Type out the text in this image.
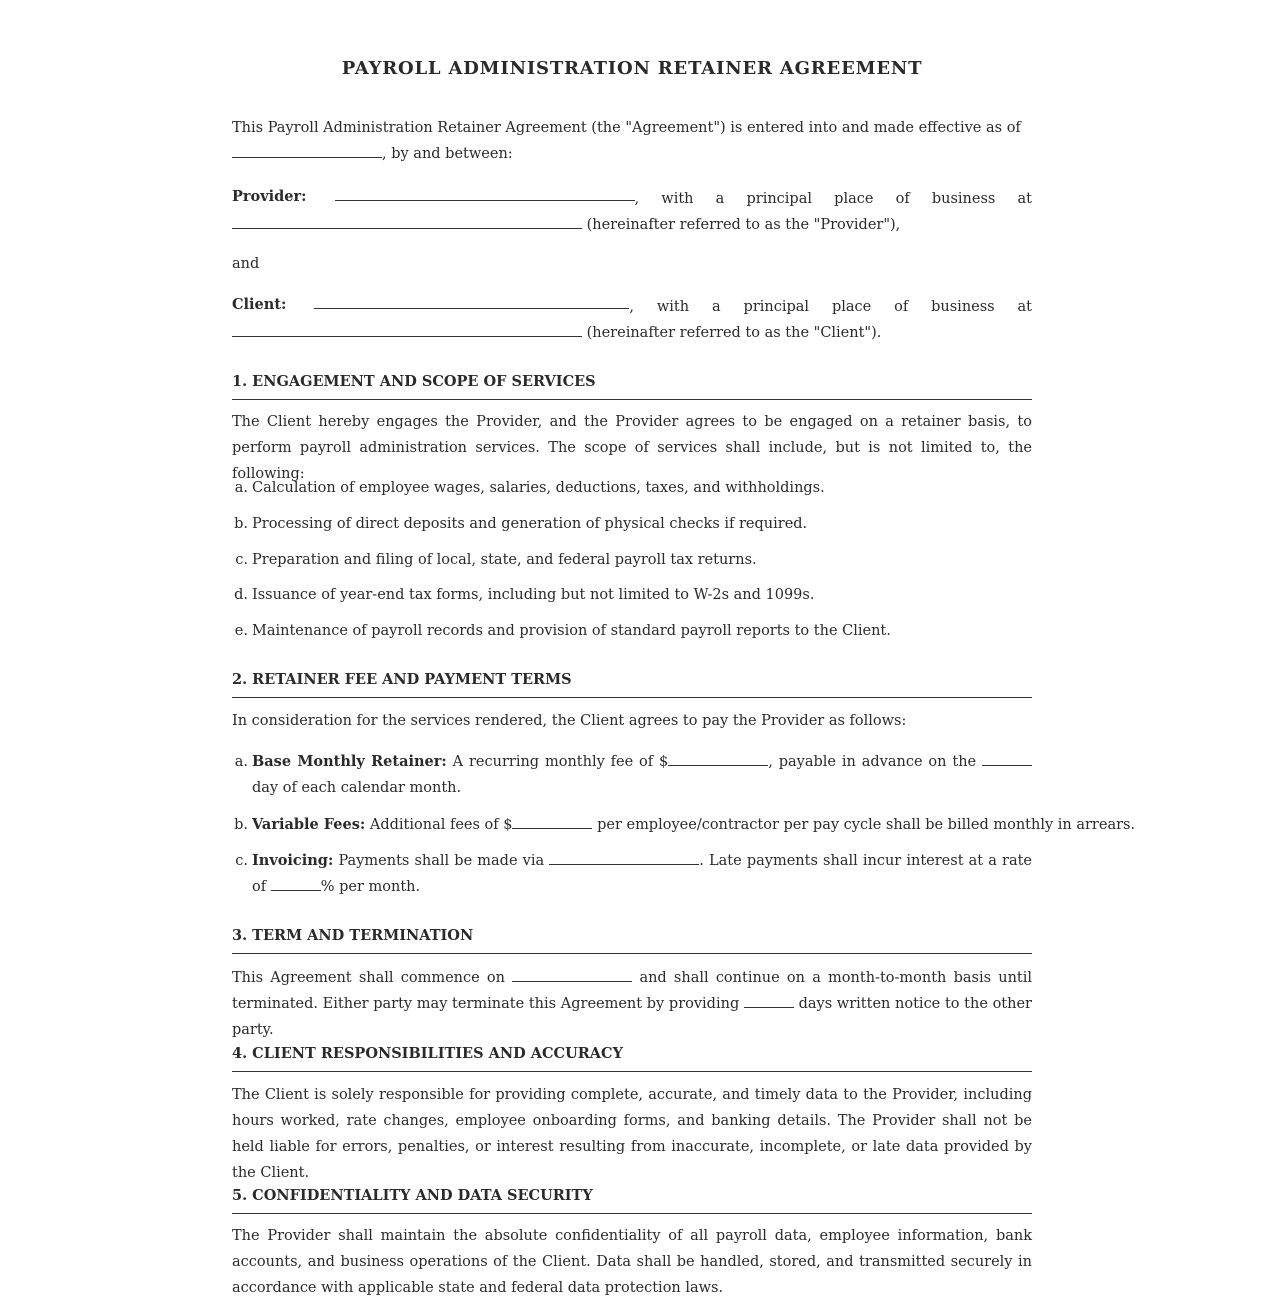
PAYROLL ADMINISTRATION RETAINER AGREEMENT

This Payroll Administration Retainer Agreement (the "Agreement") is entered into and made effective as of
, by and between:

Provider:	, with a principal place of business at
(hereinafter referred to as the "Provider"),

and

Client:	, with a principal place of business at
(hereinafter referred to as the "Client").
1. ENGAGEMENT AND SCOPE OF SERVICES

The Client hereby engages the Provider, and the Provider agrees to be engaged on a retainer basis, to perform payroll administration services. The scope of services shall include, but is not limited to, the following:

a. Calculation of employee wages, salaries, deductions, taxes, and withholdings.
b. Processing of direct deposits and generation of physical checks if required.
c. Preparation and filing of local, state, and federal payroll tax returns.
d. Issuance of year-end tax forms, including but not limited to W-2s and 1099s.
e. Maintenance of payroll records and provision of standard payroll reports to the Client.
2. RETAINER FEE AND PAYMENT TERMS

In consideration for the services rendered, the Client agrees to pay the Provider as follows:

a. Base Monthly Retainer: A recurring monthly fee of $	, payable in advance on the  day of each calendar month.
b. Variable Fees: Additional fees of $	per employee/contractor per pay cycle shall be billed monthly in arrears.
c. Invoicing: Payments shall be made via	. Late payments shall incur interest at a rate of	% per month.
3. TERM AND TERMINATION

This Agreement shall commence on	and shall continue on a month-to-month basis until terminated. Either party may terminate this Agreement by providing	days written notice to the other party.

4. CLIENT RESPONSIBILITIES AND ACCURACY

The Client is solely responsible for providing complete, accurate, and timely data to the Provider, including hours worked, rate changes, employee onboarding forms, and banking details. The Provider shall not be held liable for errors, penalties, or interest resulting from inaccurate, incomplete, or late data provided by the Client.

5. CONFIDENTIALITY AND DATA SECURITY

The Provider shall maintain the absolute confidentiality of all payroll data, employee information, bank accounts, and business operations of the Client. Data shall be handled, stored, and transmitted securely in accordance with applicable state and federal data protection laws.
